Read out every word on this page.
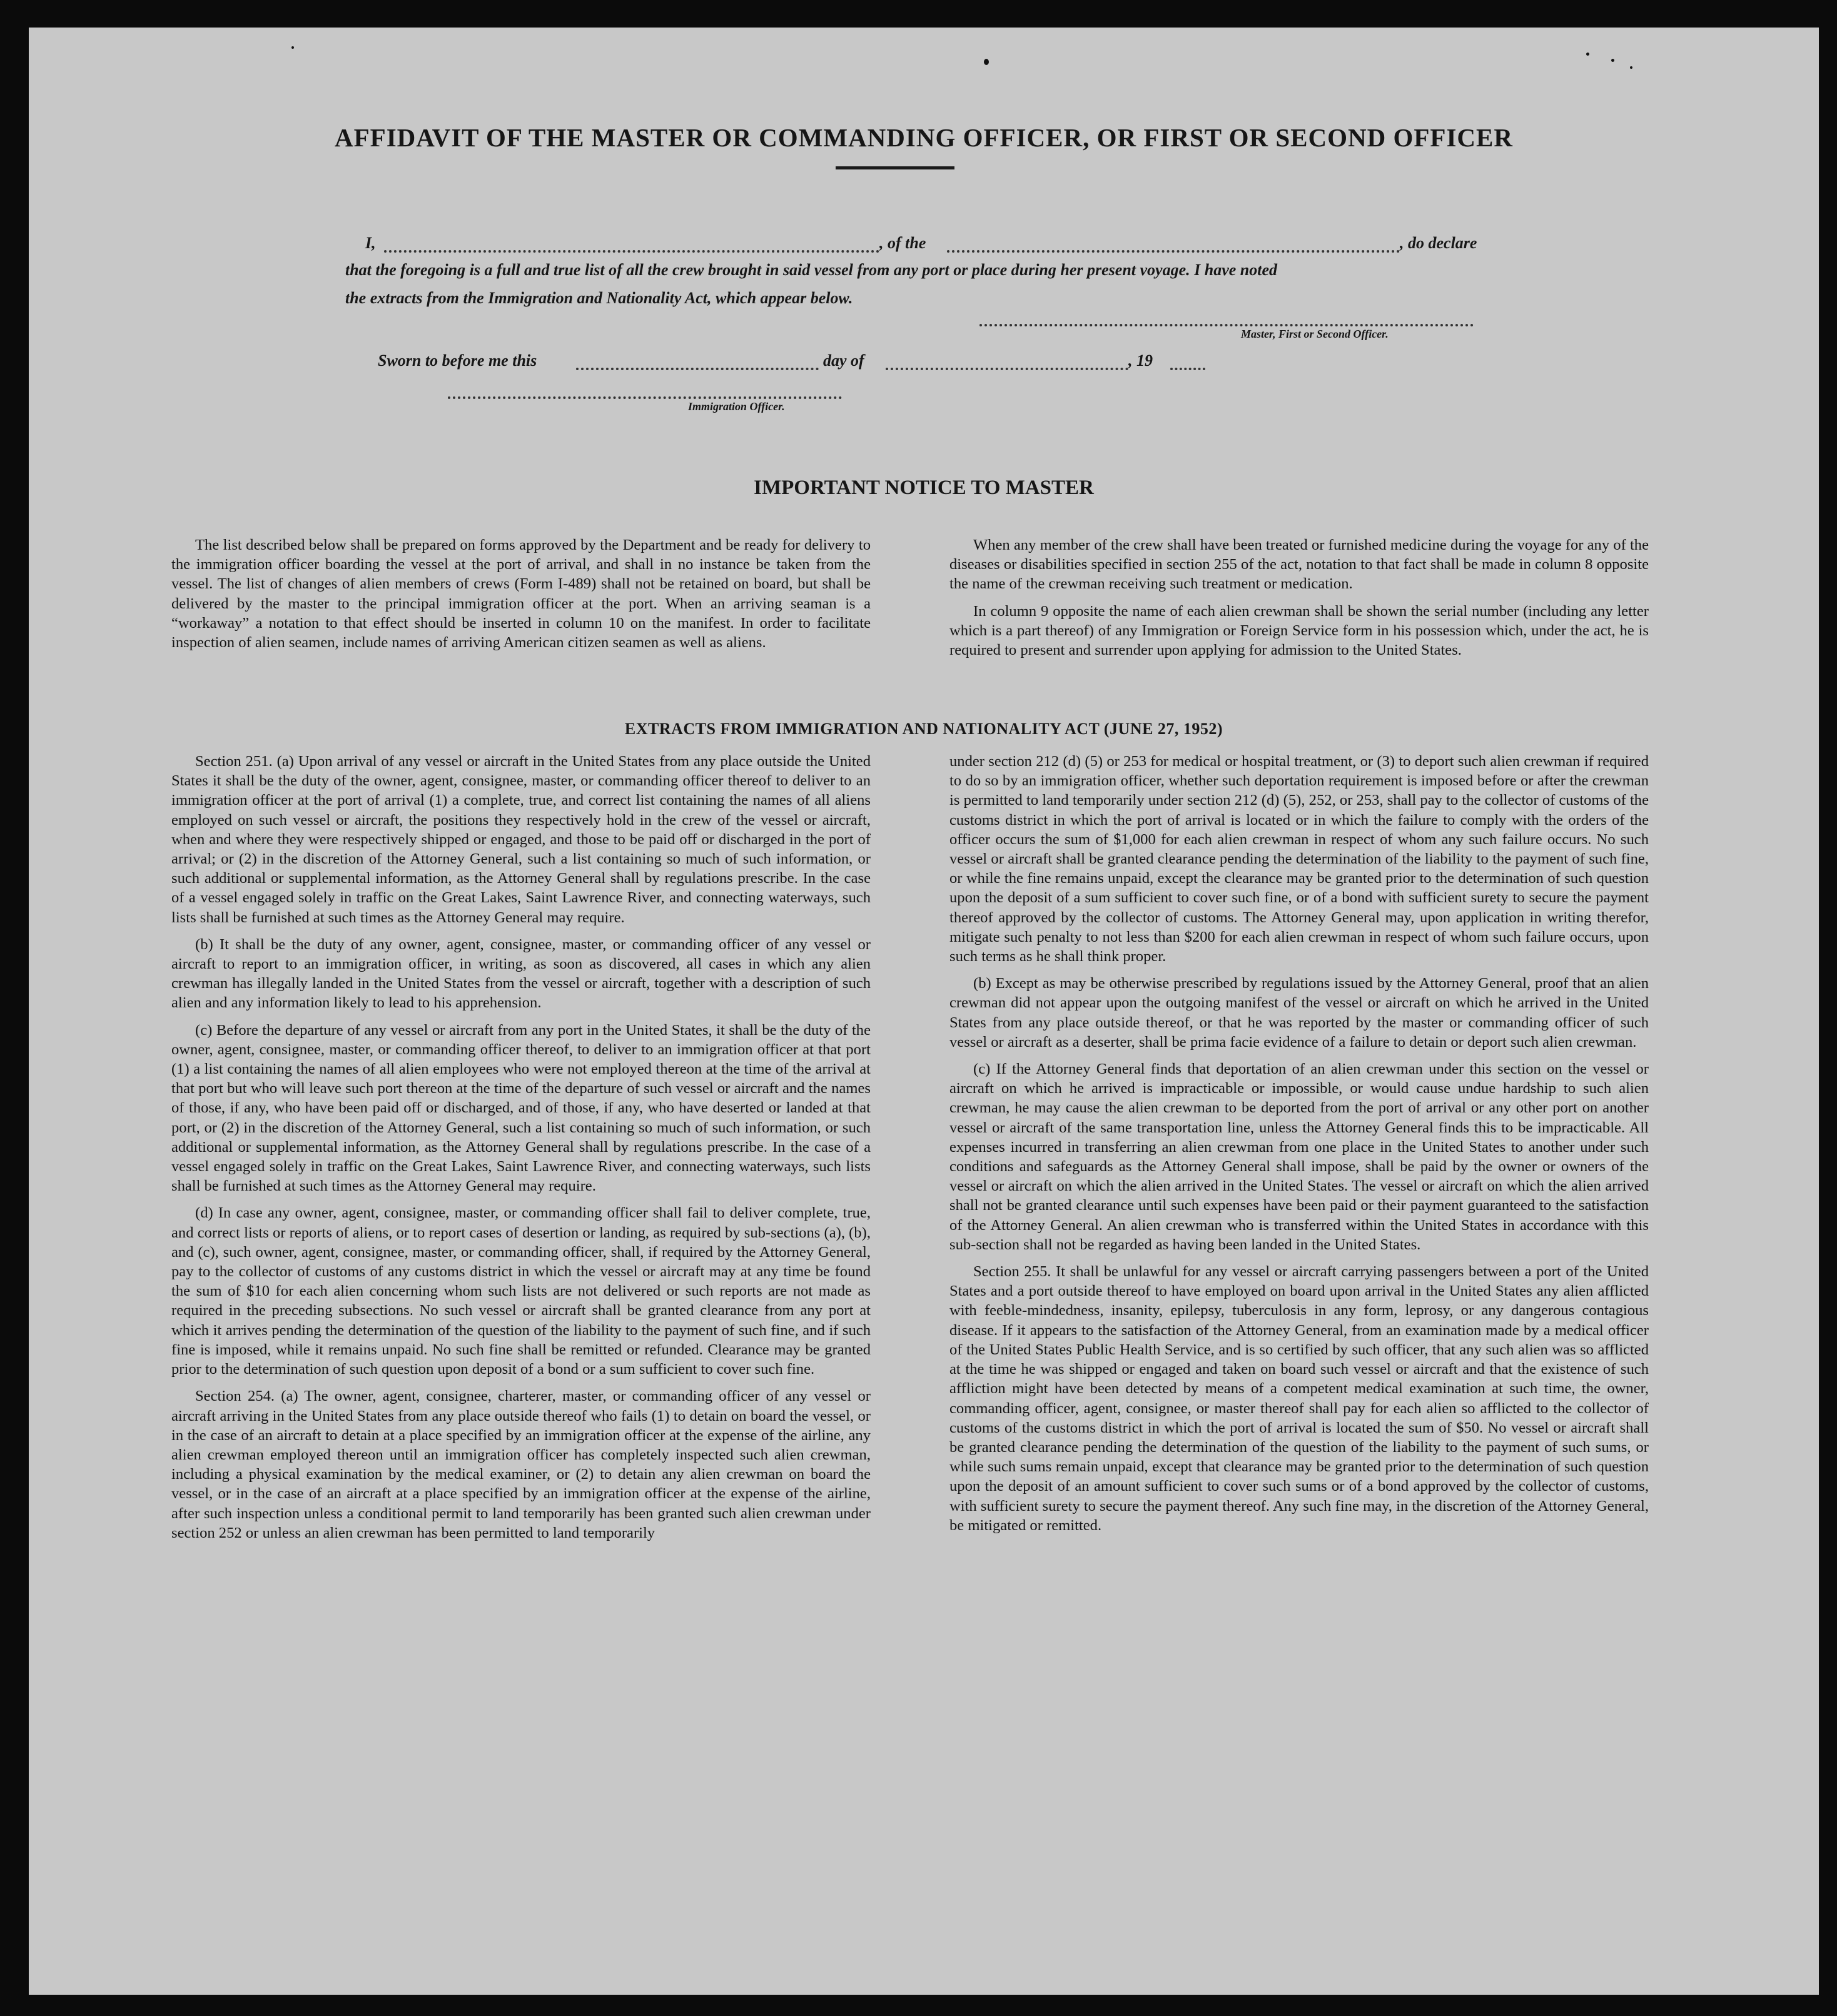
AFFIDAVIT OF THE MASTER OR COMMANDING OFFICER, OR FIRST OR SECOND OFFICER
I,	, of the	, do declare

that the foregoing is a full and true list of all the crew brought in said vessel from any port or place during her present voyage. I have noted

the extracts from the Immigration and Nationality Act, which appear below.

Master, First or Second Officer.
Sworn to before me this	day of	, 19
Immigration Officer.
IMPORTANT NOTICE TO MASTER

The list described below shall be prepared on forms approved by the Department and be ready for delivery to the immigration officer boarding the vessel at the port of arrival, and shall in no instance be taken from the vessel. The list of changes of alien members of crews (Form I-489) shall not be retained on board, but shall be delivered by the master to the principal immigration officer at the port. When an arriving seaman is a “workaway” a notation to that effect should be inserted in column 10 on the manifest. In order to facilitate inspection of alien seamen, include names of arriving American citizen seamen as well as aliens.

When any member of the crew shall have been treated or furnished medicine during the voyage for any of the diseases or disabilities specified in section 255 of the act, notation to that fact shall be made in column 8 opposite the name of the crewman receiving such treatment or medication.

In column 9 opposite the name of each alien crewman shall be shown the serial number (including any letter which is a part thereof) of any Immigration or Foreign Service form in his possession which, under the act, he is required to present and surrender upon applying for admission to the United States.

EXTRACTS FROM IMMIGRATION AND NATIONALITY ACT (JUNE 27, 1952)

Section 251. (a) Upon arrival of any vessel or aircraft in the United States from any place outside the United States it shall be the duty of the owner, agent, consignee, master, or commanding officer thereof to deliver to an immigration officer at the port of arrival (1) a complete, true, and correct list containing the names of all aliens employed on such vessel or aircraft, the positions they respectively hold in the crew of the vessel or aircraft, when and where they were respectively shipped or engaged, and those to be paid off or discharged in the port of arrival; or (2) in the discretion of the Attorney General, such a list containing so much of such information, or such additional or supplemental information, as the Attorney General shall by regulations prescribe. In the case of a vessel engaged solely in traffic on the Great Lakes, Saint Lawrence River, and connecting waterways, such lists shall be furnished at such times as the Attorney General may require.

(b) It shall be the duty of any owner, agent, consignee, master, or commanding officer of any vessel or aircraft to report to an immigration officer, in writing, as soon as discovered, all cases in which any alien crewman has illegally landed in the United States from the vessel or aircraft, together with a description of such alien and any information likely to lead to his apprehension.

(c) Before the departure of any vessel or aircraft from any port in the United States, it shall be the duty of the owner, agent, consignee, master, or commanding officer thereof, to deliver to an immigration officer at that port (1) a list containing the names of all alien employees who were not employed thereon at the time of the arrival at that port but who will leave such port thereon at the time of the departure of such vessel or aircraft and the names of those, if any, who have been paid off or discharged, and of those, if any, who have deserted or landed at that port, or (2) in the discretion of the Attorney General, such a list containing so much of such information, or such additional or supplemental information, as the Attorney General shall by regulations prescribe. In the case of a vessel engaged solely in traffic on the Great Lakes, Saint Lawrence River, and connecting waterways, such lists shall be furnished at such times as the Attorney General may require.

(d) In case any owner, agent, consignee, master, or commanding officer shall fail to deliver complete, true, and correct lists or reports of aliens, or to report cases of desertion or landing, as required by sub-sections (a), (b), and (c), such owner, agent, consignee, master, or commanding officer, shall, if required by the Attorney General, pay to the collector of customs of any customs district in which the vessel or aircraft may at any time be found the sum of $10 for each alien concerning whom such lists are not delivered or such reports are not made as required in the preceding subsections. No such vessel or aircraft shall be granted clearance from any port at which it arrives pending the determination of the question of the liability to the payment of such fine, and if such fine is imposed, while it remains unpaid. No such fine shall be remitted or refunded. Clearance may be granted prior to the determination of such question upon deposit of a bond or a sum sufficient to cover such fine.

Section 254. (a) The owner, agent, consignee, charterer, master, or commanding officer of any vessel or aircraft arriving in the United States from any place outside thereof who fails (1) to detain on board the vessel, or in the case of an aircraft to detain at a place specified by an immigration officer at the expense of the airline, any alien crewman employed thereon until an immigration officer has completely inspected such alien crewman, including a physical examination by the medical examiner, or (2) to detain any alien crewman on board the vessel, or in the case of an aircraft at a place specified by an immigration officer at the expense of the airline, after such inspection unless a conditional permit to land temporarily has been granted such alien crewman under section 252 or unless an alien crewman has been permitted to land temporarily

under section 212 (d) (5) or 253 for medical or hospital treatment, or (3) to deport such alien crewman if required to do so by an immigration officer, whether such deportation requirement is imposed before or after the crewman is permitted to land temporarily under section 212 (d) (5), 252, or 253, shall pay to the collector of customs of the customs district in which the port of arrival is located or in which the failure to comply with the orders of the officer occurs the sum of $1,000 for each alien crewman in respect of whom any such failure occurs. No such vessel or aircraft shall be granted clearance pending the determination of the liability to the payment of such fine, or while the fine remains unpaid, except the clearance may be granted prior to the determination of such question upon the deposit of a sum sufficient to cover such fine, or of a bond with sufficient surety to secure the payment thereof approved by the collector of customs. The Attorney General may, upon application in writing therefor, mitigate such penalty to not less than $200 for each alien crewman in respect of whom such failure occurs, upon such terms as he shall think proper.

(b) Except as may be otherwise prescribed by regulations issued by the Attorney General, proof that an alien crewman did not appear upon the outgoing manifest of the vessel or aircraft on which he arrived in the United States from any place outside thereof, or that he was reported by the master or commanding officer of such vessel or aircraft as a deserter, shall be prima facie evidence of a failure to detain or deport such alien crewman.

(c) If the Attorney General finds that deportation of an alien crewman under this section on the vessel or aircraft on which he arrived is impracticable or impossible, or would cause undue hardship to such alien crewman, he may cause the alien crewman to be deported from the port of arrival or any other port on another vessel or aircraft of the same transportation line, unless the Attorney General finds this to be impracticable. All expenses incurred in transferring an alien crewman from one place in the United States to another under such conditions and safeguards as the Attorney General shall impose, shall be paid by the owner or owners of the vessel or aircraft on which the alien arrived in the United States. The vessel or aircraft on which the alien arrived shall not be granted clearance until such expenses have been paid or their payment guaranteed to the satisfaction of the Attorney General. An alien crewman who is transferred within the United States in accordance with this sub-section shall not be regarded as having been landed in the United States.

Section 255. It shall be unlawful for any vessel or aircraft carrying passengers between a port of the United States and a port outside thereof to have employed on board upon arrival in the United States any alien afflicted with feeble-mindedness, insanity, epilepsy, tuberculosis in any form, leprosy, or any dangerous contagious disease. If it appears to the satisfaction of the Attorney General, from an examination made by a medical officer of the United States Public Health Service, and is so certified by such officer, that any such alien was so afflicted at the time he was shipped or engaged and taken on board such vessel or aircraft and that the existence of such affliction might have been detected by means of a competent medical examination at such time, the owner, commanding officer, agent, consignee, or master thereof shall pay for each alien so afflicted to the collector of customs of the customs district in which the port of arrival is located the sum of $50. No vessel or aircraft shall be granted clearance pending the determination of the question of the liability to the payment of such sums, or while such sums remain unpaid, except that clearance may be granted prior to the determination of such question upon the deposit of an amount sufficient to cover such sums or of a bond approved by the collector of customs, with sufficient surety to secure the payment thereof. Any such fine may, in the discretion of the Attorney General, be mitigated or remitted.
